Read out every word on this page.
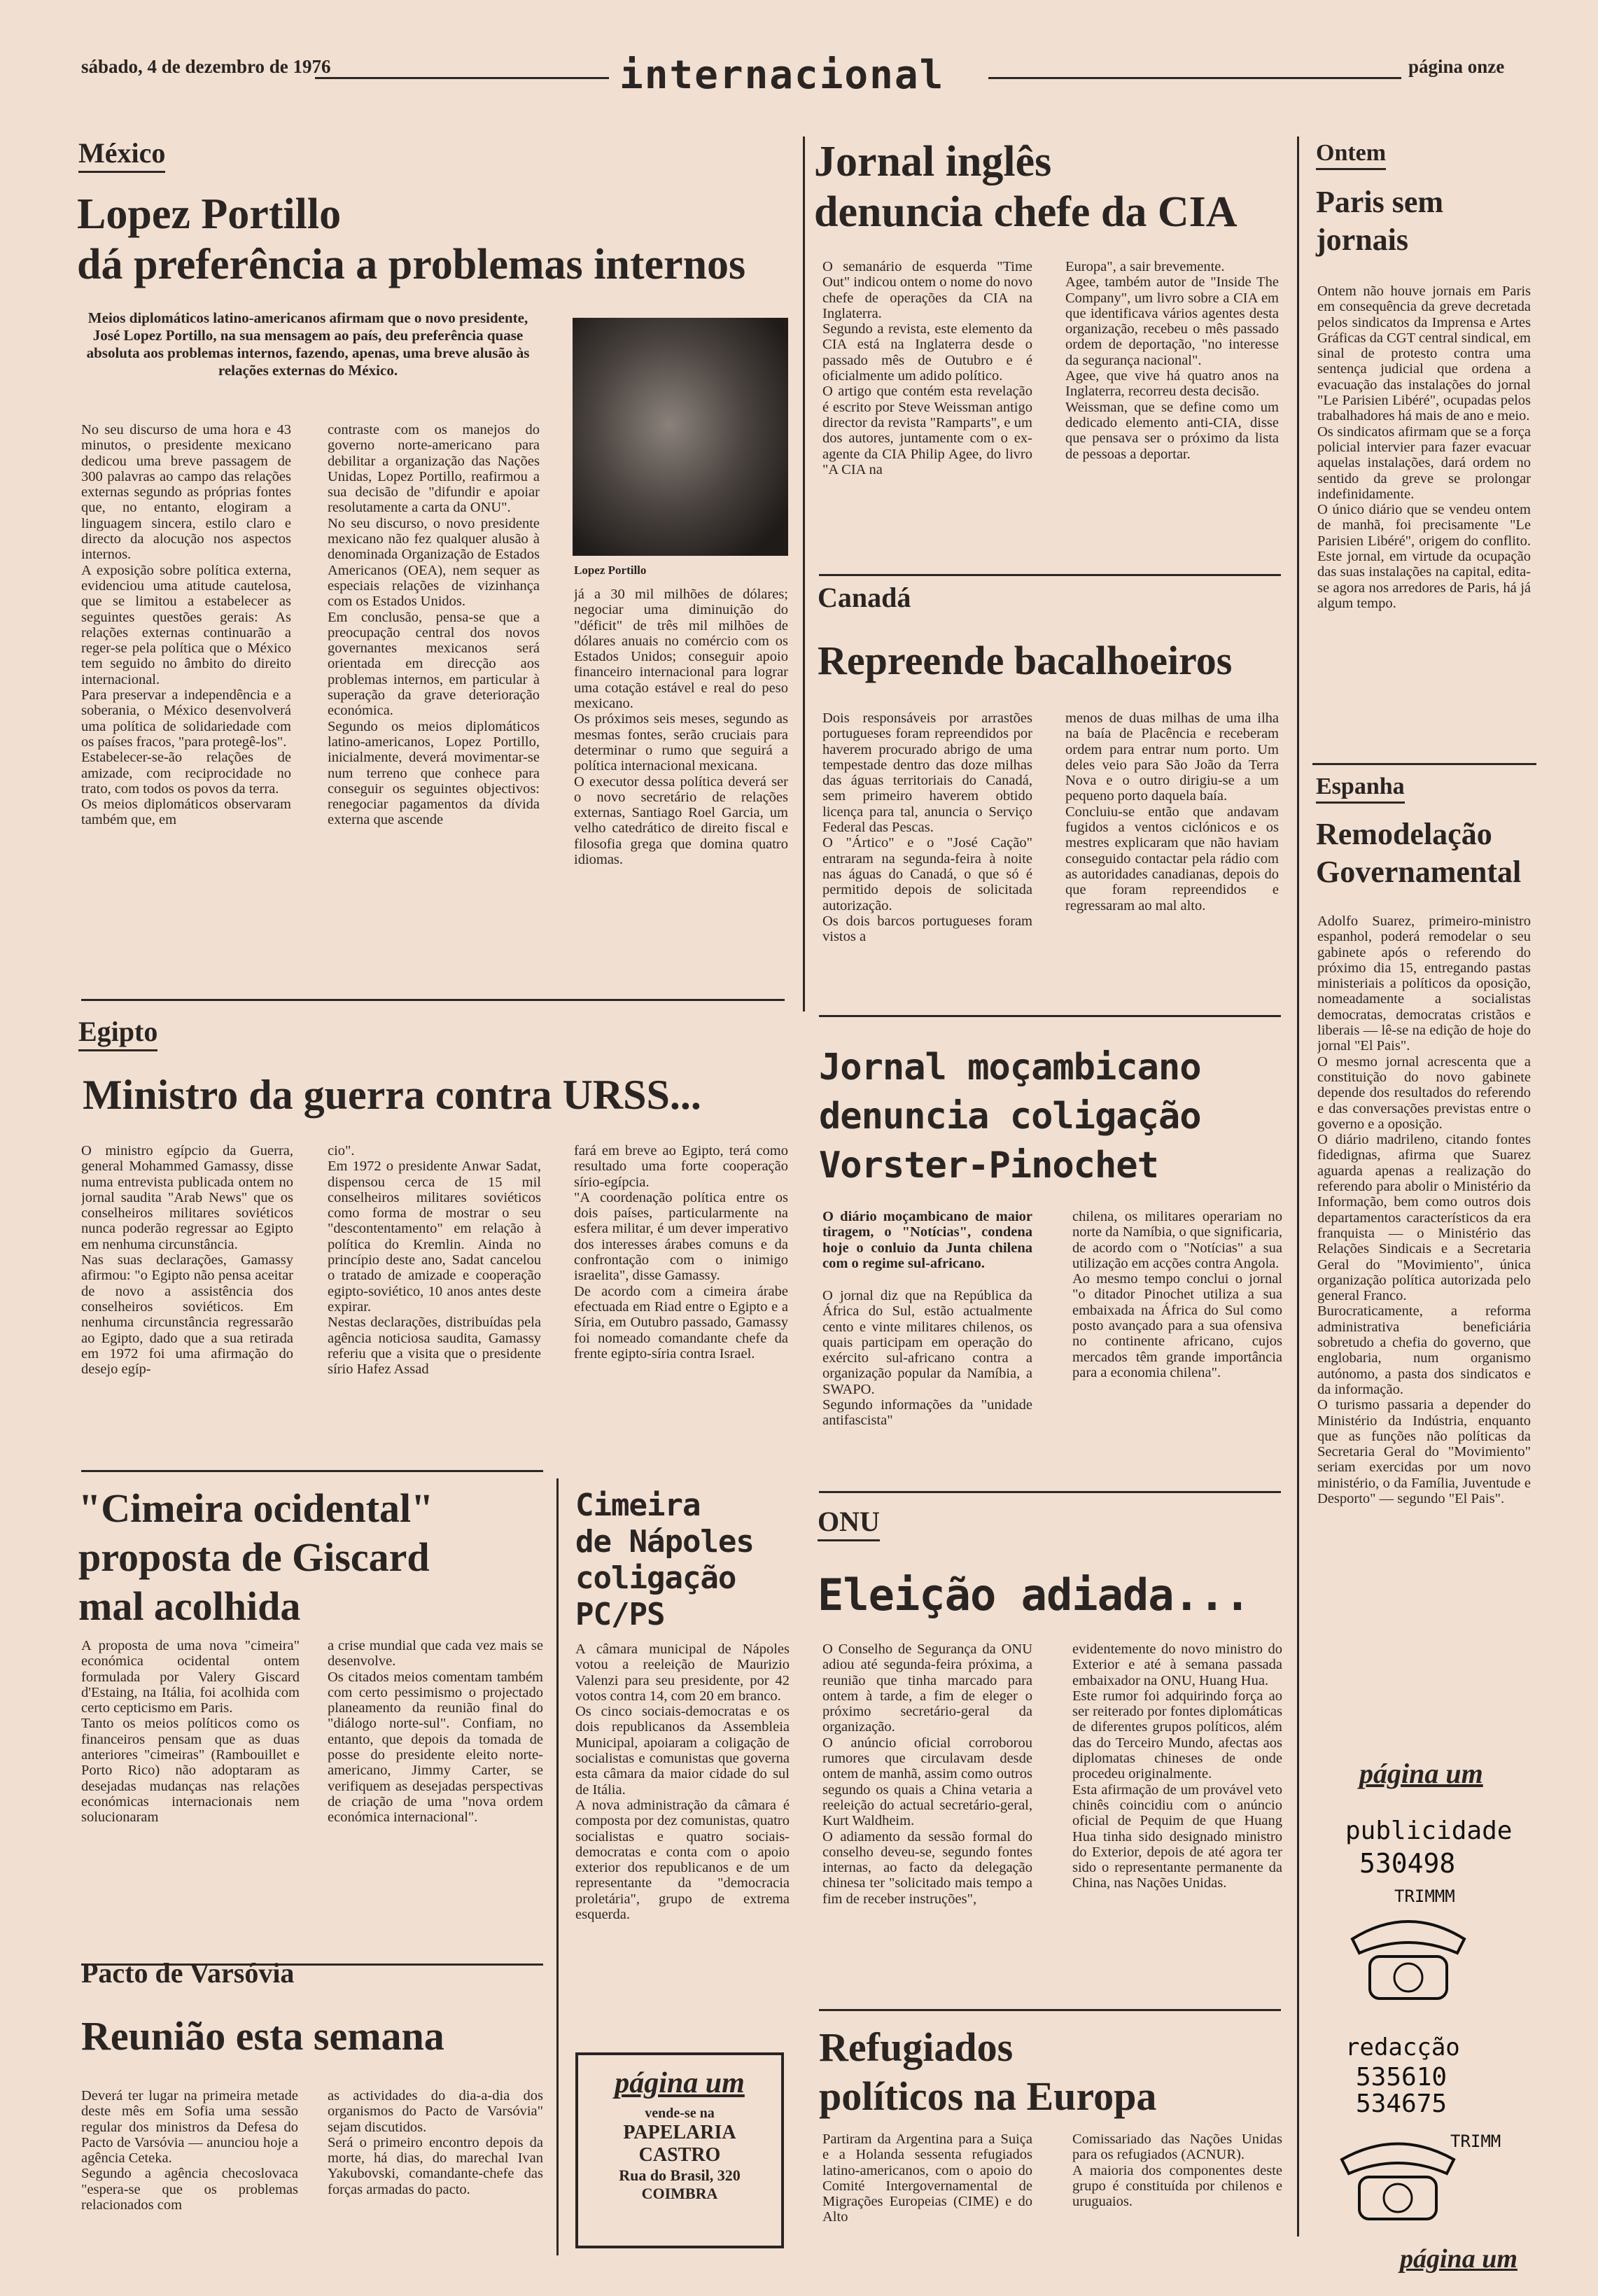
sábado, 4 de dezembro de 1976	internacional	página onze
México
Lopez Portillo
dá preferência a problemas internos
Meios diplomáticos latino-americanos afirmam que o novo presidente, José Lopez Portillo, na sua mensagem ao país, deu preferência quase absoluta aos problemas internos, fazendo, apenas, uma breve alusão às relações externas do México.
No seu discurso de uma hora e 43 minutos, o presidente mexicano dedicou uma breve passagem de 300 palavras ao campo das relações externas segundo as próprias fontes que, no entanto, elogiram a linguagem sincera, estilo claro e directo da alocução nos aspectos internos.
A exposição sobre política externa, evidenciou uma atitude cautelosa, que se limitou a estabelecer as seguintes questões gerais: As relações externas continuarão a reger-se pela política que o México tem seguido no âmbito do direito internacional.
Para preservar a independência e a soberania, o México desenvolverá uma política de solidariedade com os países fracos, "para protegê-los".
Estabelecer-se-ão relações de amizade, com reciprocidade no trato, com todos os povos da terra.
Os meios diplomáticos observaram também que, em
contraste com os manejos do governo norte-americano para debilitar a organização das Nações Unidas, Lopez Portillo, reafirmou a sua decisão de "difundir e apoiar resolutamente a carta da ONU".
No seu discurso, o novo presidente mexicano não fez qualquer alusão à denominada Organização de Estados Americanos (OEA), nem sequer as especiais relações de vizinhança com os Estados Unidos.
Em conclusão, pensa-se que a preocupação central dos novos governantes mexicanos será orientada em direcção aos problemas internos, em particular à superação da grave deterioração económica.
Segundo os meios diplomáticos latino-americanos, Lopez Portillo, inicialmente, deverá movimentar-se num terreno que conhece para conseguir os seguintes objectivos: renegociar pagamentos da dívida externa que ascende
Lopez Portillo
já a 30 mil milhões de dólares; negociar uma diminuição do "déficit" de três mil milhões de dólares anuais no comércio com os Estados Unidos; conseguir apoio financeiro internacional para lograr uma cotação estável e real do peso mexicano.
Os próximos seis meses, segundo as mesmas fontes, serão cruciais para determinar o rumo que seguirá a política internacional mexicana.
O executor dessa política deverá ser o novo secretário de relações externas, Santiago Roel Garcia, um velho catedrático de direito fiscal e filosofia grega que domina quatro idiomas.
Jornal inglês
denuncia chefe da CIA
O semanário de esquerda "Time Out" indicou ontem o nome do novo chefe de operações da CIA na Inglaterra.
Segundo a revista, este elemento da CIA está na Inglaterra desde o passado mês de Outubro e é oficialmente um adido político.
O artigo que contém esta revelação é escrito por Steve Weissman antigo director da revista "Ramparts", e um dos autores, juntamente com o ex-agente da CIA Philip Agee, do livro "A CIA na
Europa", a sair brevemente.
Agee, também autor de "Inside The Company", um livro sobre a CIA em que identificava vários agentes desta organização, recebeu o mês passado ordem de deportação, "no interesse da segurança nacional".
Agee, que vive há quatro anos na Inglaterra, recorreu desta decisão.
Weissman, que se define como um dedicado elemento anti-CIA, disse que pensava ser o próximo da lista de pessoas a deportar.
Ontem
Paris sem
jornais
Ontem não houve jornais em Paris em consequência da greve decretada pelos sindicatos da Imprensa e Artes Gráficas da CGT central sindical, em sinal de protesto contra uma sentença judicial que ordena a evacuação das instalações do jornal "Le Parisien Libéré", ocupadas pelos trabalhadores há mais de ano e meio.
Os sindicatos afirmam que se a força policial intervier para fazer evacuar aquelas instalações, dará ordem no sentido da greve se prolongar indefinidamente.
O único diário que se vendeu ontem de manhã, foi precisamente "Le Parisien Libéré", origem do conflito. Este jornal, em virtude da ocupação das suas instalações na capital, edita-se agora nos arredores de Paris, há já algum tempo.
Canadá
Repreende bacalhoeiros
Dois responsáveis por arrastões portugueses foram repreendidos por haverem procurado abrigo de uma tempestade dentro das doze milhas das águas territoriais do Canadá, sem primeiro haverem obtido licença para tal, anuncia o Serviço Federal das Pescas.
O "Ártico" e o "José Cação" entraram na segunda-feira à noite nas águas do Canadá, o que só é permitido depois de solicitada autorização.
Os dois barcos portugueses foram vistos a
menos de duas milhas de uma ilha na baía de Placência e receberam ordem para entrar num porto. Um deles veio para São João da Terra Nova e o outro dirigiu-se a um pequeno porto daquela baía.
Concluiu-se então que andavam fugidos a ventos ciclónicos e os mestres explicaram que não haviam conseguido contactar pela rádio com as autoridades canadianas, depois do que foram repreendidos e regressaram ao mal alto.
Espanha
Remodelação
Governamental
Adolfo Suarez, primeiro-ministro espanhol, poderá remodelar o seu gabinete após o referendo do próximo dia 15, entregando pastas ministeriais a políticos da oposição, nomeadamente a socialistas democratas, democratas cristãos e liberais — lê-se na edição de hoje do jornal "El Pais".
O mesmo jornal acrescenta que a constituição do novo gabinete depende dos resultados do referendo e das conversações previstas entre o governo e a oposição.
O diário madrileno, citando fontes fidedignas, afirma que Suarez aguarda apenas a realização do referendo para abolir o Ministério da Informação, bem como outros dois departamentos característicos da era franquista — o Ministério das Relações Sindicais e a Secretaria Geral do "Movimiento", única organização política autorizada pelo general Franco.
Burocraticamente, a reforma administrativa beneficiária sobretudo a chefia do governo, que englobaria, num organismo autónomo, a pasta dos sindicatos e da informação.
O turismo passaria a depender do Ministério da Indústria, enquanto que as funções não políticas da Secretaria Geral do "Movimiento" seriam exercidas por um novo ministério, o da Família, Juventude e Desporto" — segundo "El Pais".
Egipto
Ministro da guerra contra URSS...
O ministro egípcio da Guerra, general Mohammed Gamassy, disse numa entrevista publicada ontem no jornal saudita "Arab News" que os conselheiros militares soviéticos nunca poderão regressar ao Egipto em nenhuma circunstância.
Nas suas declarações, Gamassy afirmou: "o Egipto não pensa aceitar de novo a assistência dos conselheiros soviéticos. Em nenhuma circunstância regressarão ao Egipto, dado que a sua retirada em 1972 foi uma afirmação do desejo egíp-
cio".
Em 1972 o presidente Anwar Sadat, dispensou cerca de 15 mil conselheiros militares soviéticos como forma de mostrar o seu "descontentamento" em relação à política do Kremlin. Ainda no princípio deste ano, Sadat cancelou o tratado de amizade e cooperação egipto-soviético, 10 anos antes deste expirar.
Nestas declarações, distribuídas pela agência noticiosa saudita, Gamassy referiu que a visita que o presidente sírio Hafez Assad
fará em breve ao Egipto, terá como resultado uma forte cooperação sírio-egípcia.
"A coordenação política entre os dois países, particularmente na esfera militar, é um dever imperativo dos interesses árabes comuns e da confrontação com o inimigo israelita", disse Gamassy.
De acordo com a cimeira árabe efectuada em Riad entre o Egipto e a Síria, em Outubro passado, Gamassy foi nomeado comandante chefe da frente egipto-síria contra Israel.
Jornal moçambicano
denuncia coligação
Vorster-Pinochet
O diário moçambicano de maior tiragem, o "Notícias", condena hoje o conluio da Junta chilena com o regime sul-africano.
O jornal diz que na República da África do Sul, estão actualmente cento e vinte militares chilenos, os quais participam em operação do exército sul-africano contra a organização popular da Namíbia, a SWAPO.
Segundo informações da "unidade antifascista"
chilena, os militares operariam no norte da Namíbia, o que significaria, de acordo com o "Notícias" a sua utilização em acções contra Angola.
Ao mesmo tempo conclui o jornal "o ditador Pinochet utiliza a sua embaixada na África do Sul como posto avançado para a sua ofensiva no continente africano, cujos mercados têm grande importância para a economia chilena".
"Cimeira ocidental"
proposta de Giscard
mal acolhida
A proposta de uma nova "cimeira" económica ocidental ontem formulada por Valery Giscard d'Estaing, na Itália, foi acolhida com certo cepticismo em Paris.
Tanto os meios políticos como os financeiros pensam que as duas anteriores "cimeiras" (Rambouillet e Porto Rico) não adoptaram as desejadas mudanças nas relações económicas internacionais nem solucionaram
a crise mundial que cada vez mais se desenvolve.
Os citados meios comentam também com certo pessimismo o projectado planeamento da reunião final do "diálogo norte-sul". Confiam, no entanto, que depois da tomada de posse do presidente eleito norte-americano, Jimmy Carter, se verifiquem as desejadas perspectivas de criação de uma "nova ordem económica internacional".
Cimeira
de Nápoles
coligação
PC/PS
A câmara municipal de Nápoles votou a reeleição de Maurizio Valenzi para seu presidente, por 42 votos contra 14, com 20 em branco.
Os cinco sociais-democratas e os dois republicanos da Assembleia Municipal, apoiaram a coligação de socialistas e comunistas que governa esta câmara da maior cidade do sul de Itália.
A nova administração da câmara é composta por dez comunistas, quatro socialistas e quatro sociais-democratas e conta com o apoio exterior dos republicanos e de um representante da "democracia proletária", grupo de extrema esquerda.
ONU
Eleição adiada...
O Conselho de Segurança da ONU adiou até segunda-feira próxima, a reunião que tinha marcado para ontem à tarde, a fim de eleger o próximo secretário-geral da organização.
O anúncio oficial corroborou rumores que circulavam desde ontem de manhã, assim como outros segundo os quais a China vetaria a reeleição do actual secretário-geral, Kurt Waldheim.
O adiamento da sessão formal do conselho deveu-se, segundo fontes internas, ao facto da delegação chinesa ter "solicitado mais tempo a fim de receber instruções",
evidentemente do novo ministro do Exterior e até à semana passada embaixador na ONU, Huang Hua.
Este rumor foi adquirindo força ao ser reiterado por fontes diplomáticas de diferentes grupos políticos, além das do Terceiro Mundo, afectas aos diplomatas chineses de onde procedeu originalmente.
Esta afirmação de um provável veto chinês coincidiu com o anúncio oficial de Pequim de que Huang Hua tinha sido designado ministro do Exterior, depois de até agora ter sido o representante permanente da China, nas Nações Unidas.
Pacto de Varsóvia
Reunião esta semana
Deverá ter lugar na primeira metade deste mês em Sofia uma sessão regular dos ministros da Defesa do Pacto de Varsóvia — anunciou hoje a agência Ceteka.
Segundo a agência checoslovaca "espera-se que os problemas relacionados com
as actividades do dia-a-dia dos organismos do Pacto de Varsóvia" sejam discutidos.
Será o primeiro encontro depois da morte, há dias, do marechal Ivan Yakubovski, comandante-chefe das forças armadas do pacto.
Refugiados
políticos na Europa
Partiram da Argentina para a Suiça e a Holanda sessenta refugiados latino-americanos, com o apoio do Comité Intergovernamental de Migrações Europeias (CIME) e do Alto
Comissariado das Nações Unidas para os refugiados (ACNUR).
A maioria dos componentes deste grupo é constituída por chilenos e uruguaios.
página um
vende-se na
PAPELARIA
CASTRO
Rua do Brasil, 320
COIMBRA
página um
publicidade
530498
TRIMMM
redacção
535610
534675
TRIMM
página um
